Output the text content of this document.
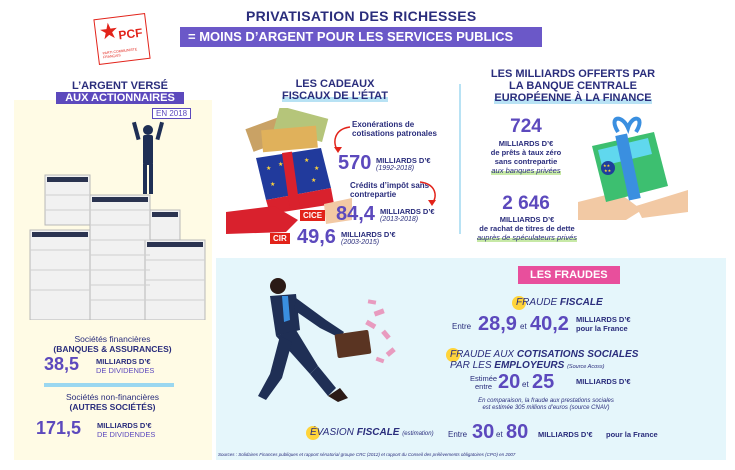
★
PCF
PARTI COMMUNISTE FRANÇAIS
PRIVATISATION DES RICHESSES
= MOINS D’ARGENT POUR LES SERVICES PUBLICS
L’ARGENT VERSÉ
AUX ACTIONNAIRES
EN 2018
Sociétés financières
(BANQUES & ASSURANCES)
38,5 MILLIARDS D’€
DE DIVIDENDES
Sociétés non-financières
(AUTRES SOCIÉTÉS)
171,5 MILLIARDS D’€
DE DIVIDENDES
LES CADEAUX
FISCAUX DE L’ÉTAT
★
★
★
★
★
★
Exonérations de cotisations patronales
570 MILLIARDS D’€
(1992-2018)
Crédits d’impôt sans contrepartie
CICE 84,4 MILLIARDS D’€
(2013-2018)
CIR 49,6 MILLIARDS D’€
(2003-2015)
LES MILLIARDS OFFERTS PAR
LA BANQUE CENTRALE
EUROPÉENNE À LA FINANCE
724
MILLIARDS D’€
de prêts à taux zéro
sans contrepartie
aux banques privées
2 646
MILLIARDS D’€
de rachat de titres de dette
auprès de spéculateurs privés
★★
★★
LES FRAUDES
FRAUDE FISCALE
Entre 28,9 et 40,2 MILLIARDS D’€
pour la France
FRAUDE AUX COTISATIONS SOCIALES
PAR LES EMPLOYEURS (Source Acoss)
Estimée
entre 20 et 25	MILLIARDS D’€
En comparaison, la fraude aux prestations sociales
est estimée 305 millions d’euros (source CNAV)
ÉVASION FISCALE (estimation) Entre 30 et 80 MILLIARDS D’€ pour la France
Sources : Solidaires Finances publiques et rapport sénatorial groupe CRC (2012) et rapport du Conseil des prélèvements obligatoires (CPO) en 2007
